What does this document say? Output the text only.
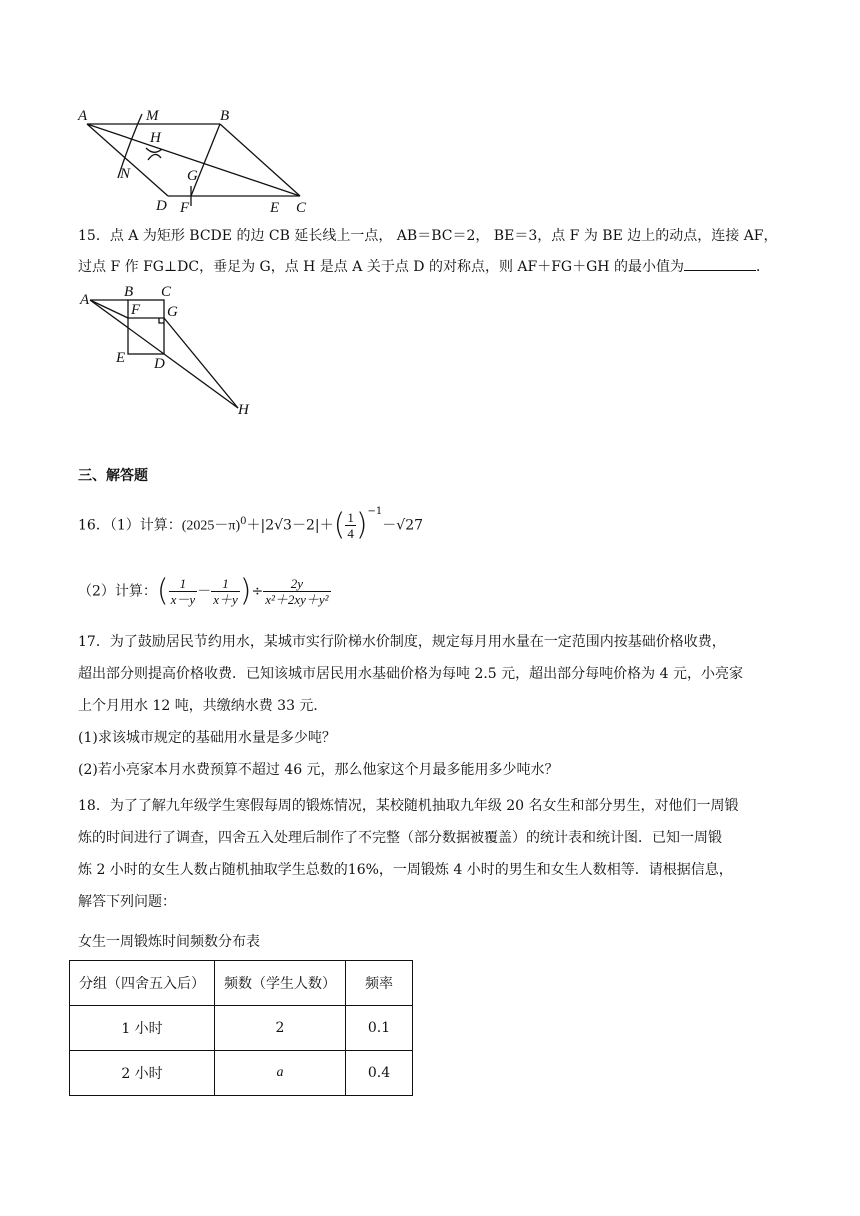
A	M	B
H
N	G
D F	E C
15．点 A 为矩形 BCDE 的边 CB 延长线上一点， AB＝BC＝2， BE＝3，点 F 为 BE 边上的动点，连接 AF，
过点 F 作 FG⊥DC，垂足为 G，点 H 是点 A 关于点 D 的对称点，则 AF＋FG＋GH 的最小值为	．
A B C
F G
E D
H
三、解答题
16．（1）计算：$(2025-\pi)^0+|2√3-2|+( \frac{1}{4} )^{-1}-√27$
（2）计算：( $\frac{1}{x-y} - \frac{1}{x+y}$ )÷ $\frac{2y}{\text{x²＋2xy＋y²}}$
17．为了鼓励居民节约用水，某城市实行阶梯水价制度，规定每月用水量在一定范围内按基础价格收费，
超出部分则提高价格收费．已知该城市居民用水基础价格为每吨 2.5 元，超出部分每吨价格为 4 元，小亮家
上个月用水 12 吨，共缴纳水费 33 元．
(1)求该城市规定的基础用水量是多少吨？
(2)若小亮家本月水费预算不超过 46 元，那么他家这个月最多能用多少吨水？
18．为了了解九年级学生寒假每周的锻炼情况，某校随机抽取九年级 20 名女生和部分男生，对他们一周锻
炼的时间进行了调查，四舍五入处理后制作了不完整（部分数据被覆盖）的统计表和统计图．已知一周锻
炼 2 小时的女生人数占随机抽取学生总数的16%，一周锻炼 4 小时的男生和女生人数相等．请根据信息，
解答下列问题：
女生一周锻炼时间频数分布表
分组（四舍五入后）	频数（学生人数）	频率
1 小时	2	0.1
2 小时	a	0.4
